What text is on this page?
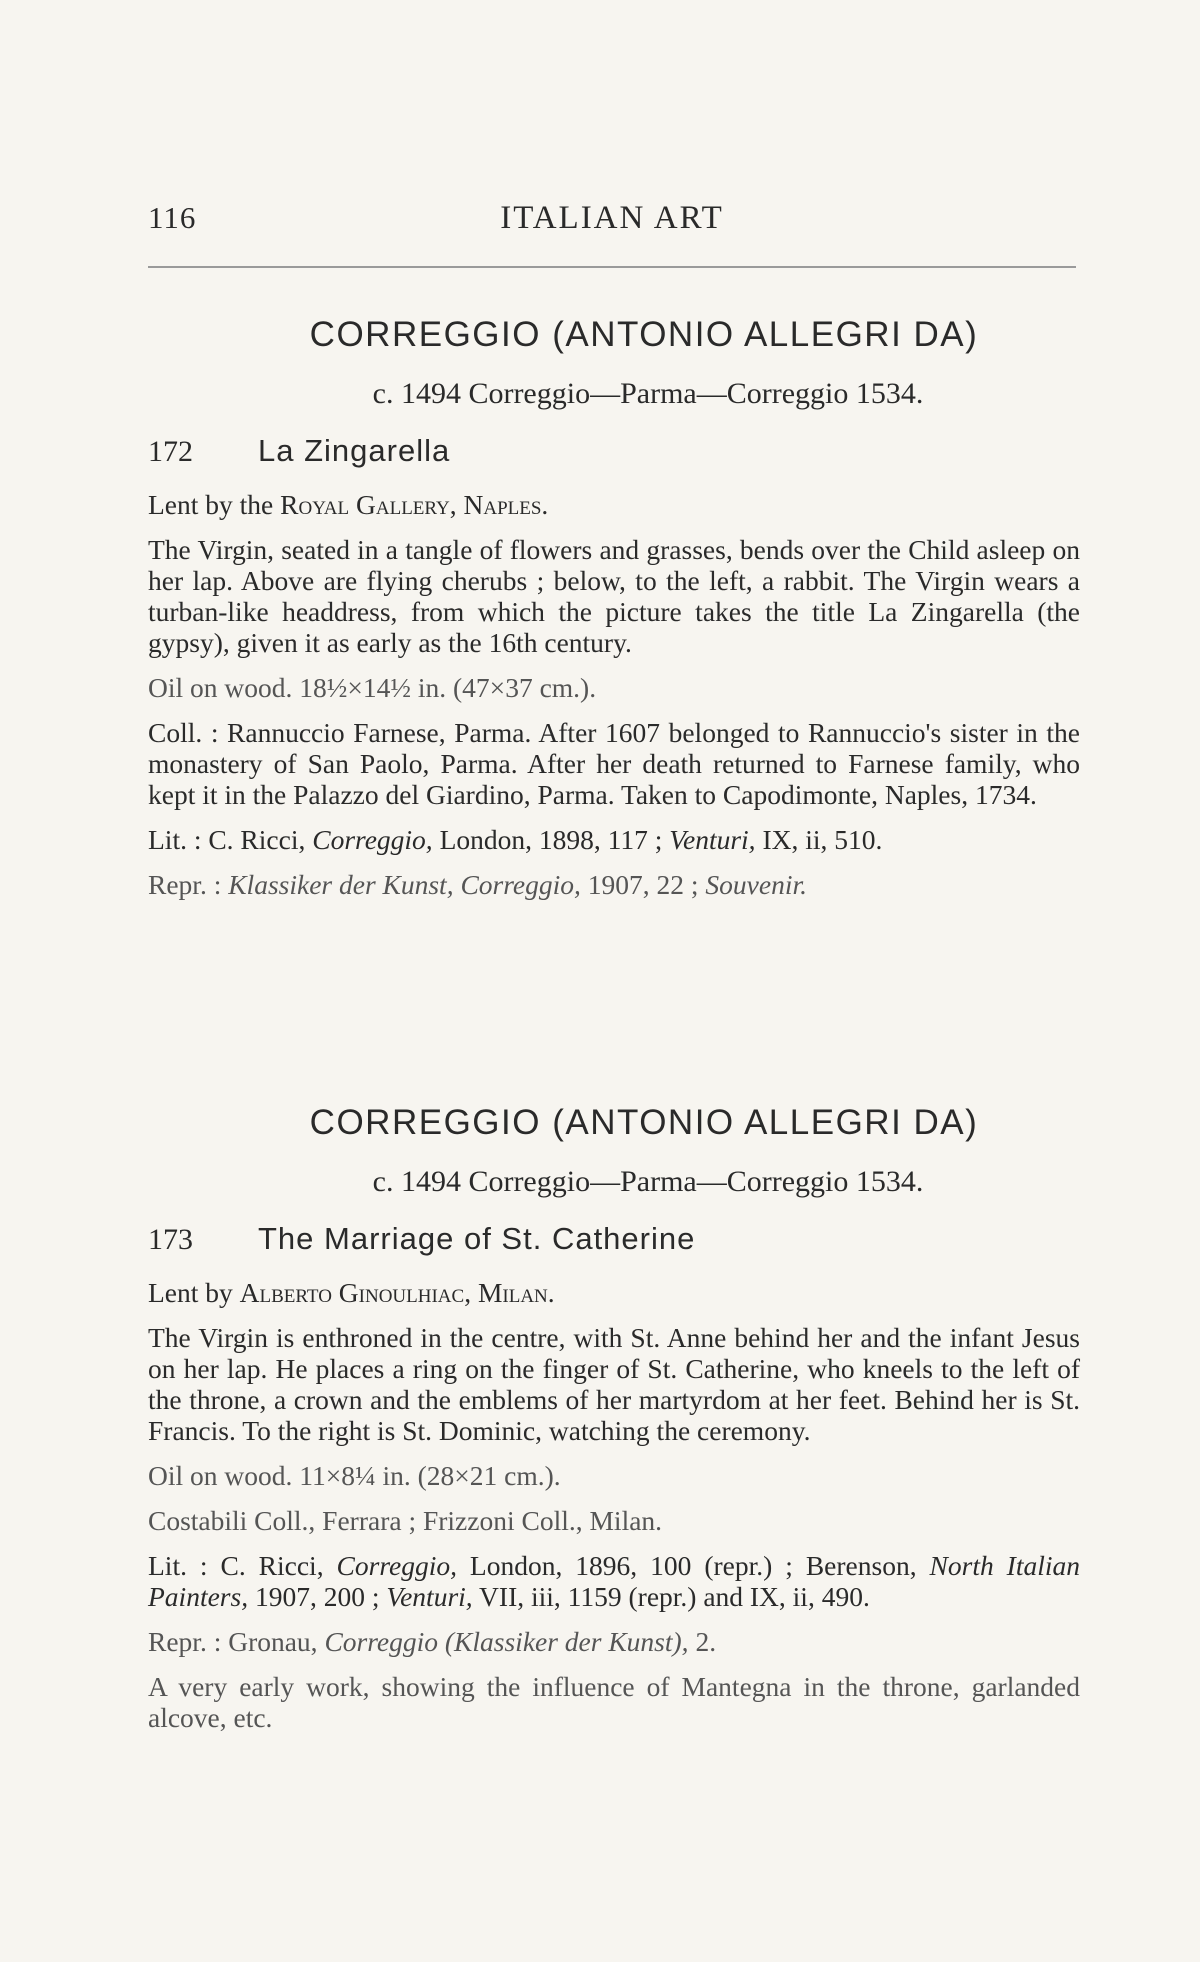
116	ITALIAN ART
CORREGGIO (ANTONIO ALLEGRI DA)
c. 1494 Correggio—Parma—Correggio 1534.
172	La Zingarella

Lent by the Royal Gallery, Naples.

The Virgin, seated in a tangle of flowers and grasses, bends over the Child asleep on her lap. Above are flying cherubs ; below, to the left, a rabbit. The Virgin wears a turban-like headdress, from which the picture takes the title La Zingarella (the gypsy), given it as early as the 16th century.

Oil on wood. 18½×14½ in. (47×37 cm.).

Coll. : Rannuccio Farnese, Parma. After 1607 belonged to Rannuccio's sister in the monastery of San Paolo, Parma. After her death returned to Farnese family, who kept it in the Palazzo del Giardino, Parma. Taken to Capodimonte, Naples, 1734.

Lit. : C. Ricci, Correggio, London, 1898, 117 ; Venturi, IX, ii, 510.

Repr. : Klassiker der Kunst, Correggio, 1907, 22 ; Souvenir.

CORREGGIO (ANTONIO ALLEGRI DA)
c. 1494 Correggio—Parma—Correggio 1534.
173	The Marriage of St. Catherine

Lent by Alberto Ginoulhiac, Milan.

The Virgin is enthroned in the centre, with St. Anne behind her and the infant Jesus on her lap. He places a ring on the finger of St. Catherine, who kneels to the left of the throne, a crown and the emblems of her martyrdom at her feet. Behind her is St. Francis. To the right is St. Dominic, watching the ceremony.

Oil on wood. 11×8¼ in. (28×21 cm.).

Costabili Coll., Ferrara ; Frizzoni Coll., Milan.

Lit. : C. Ricci, Correggio, London, 1896, 100 (repr.) ; Berenson, North Italian Painters, 1907, 200 ; Venturi, VII, iii, 1159 (repr.) and IX, ii, 490.

Repr. : Gronau, Correggio (Klassiker der Kunst), 2.

A very early work, showing the influence of Mantegna in the throne, garlanded alcove, etc.
